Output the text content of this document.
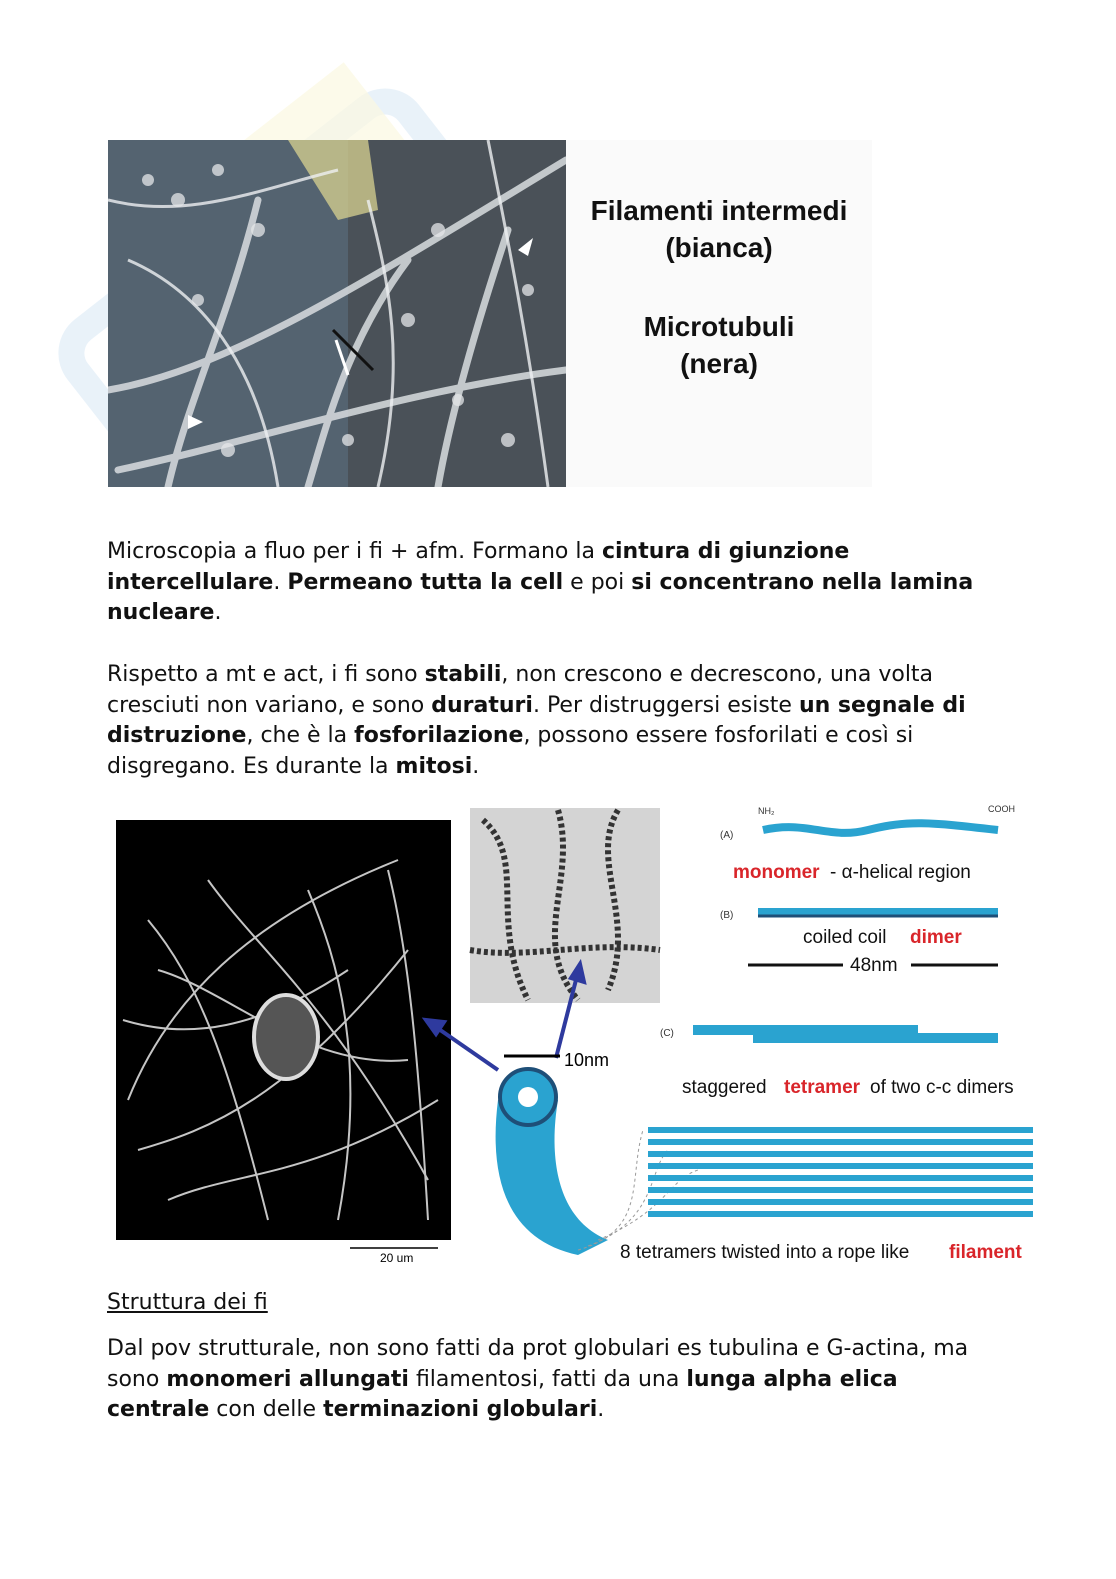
Filamenti intermedi
(bianca)
Microtubuli
(nera)

Microscopia a fluo per i fi + afm. Formano la cintura di giunzione intercellulare. Permeano tutta la cell e poi si concentrano nella lamina nucleare.

Rispetto a mt e act, i fi sono stabili, non crescono e decrescono, una volta cresciuti non variano, e sono duraturi. Per distruggersi esiste un segnale di distruzione, che è la fosforilazione, possono essere fosforilati e così si disgregano. Es durante la mitosi.

20 um
10nm
(A)
NH₂	COOH
monomer - α-helical region
(B)
coiled coil dimer
48nm
(C)
staggered tetramer of two c-c dimers
8 tetramers twisted into a rope like filament
Struttura dei fi

Dal pov strutturale, non sono fatti da prot globulari es tubulina e G-actina, ma sono monomeri allungati filamentosi, fatti da una lunga alpha elica centrale con delle terminazioni globulari.
